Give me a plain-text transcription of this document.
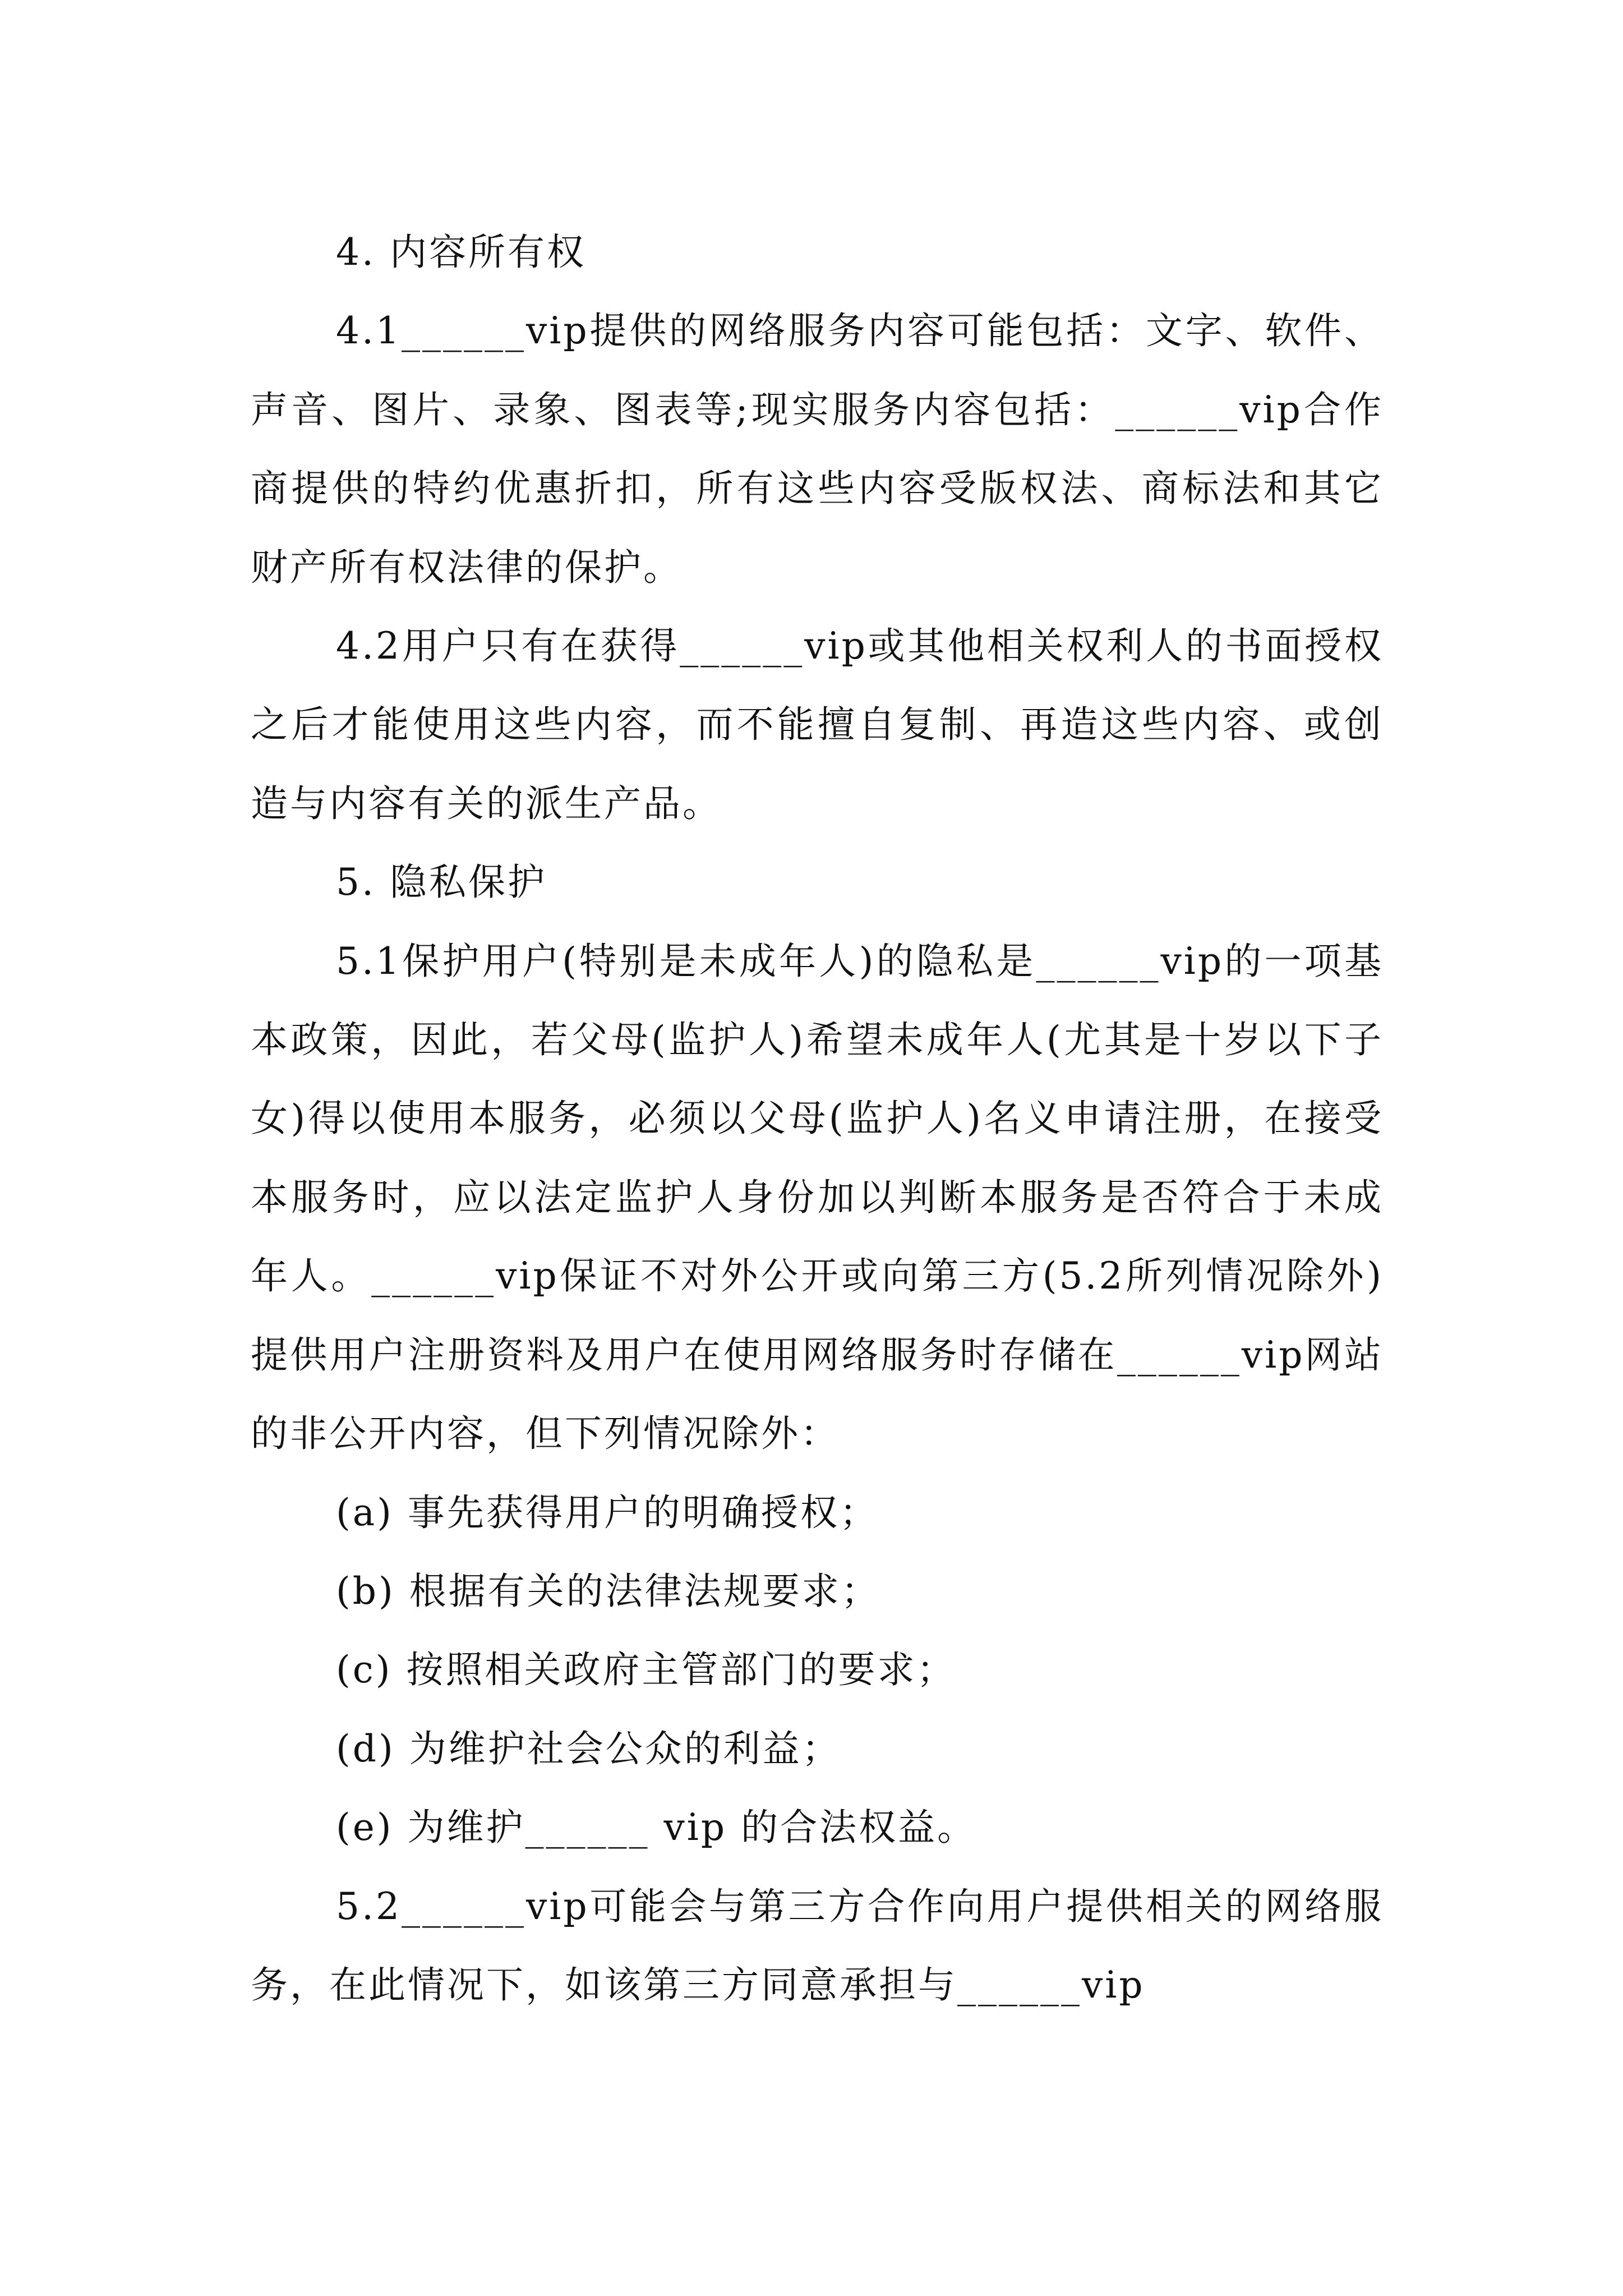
4. 内容所有权

4.1______vip提供的网络服务内容可能包括：文字、软件、声音、图片、录象、图表等;现实服务内容包括：______vip合作商提供的特约优惠折扣，所有这些内容受版权法、商标法和其它财产所有权法律的保护。

4.2用户只有在获得______vip或其他相关权利人的书面授权之后才能使用这些内容，而不能擅自复制、再造这些内容、或创造与内容有关的派生产品。

5. 隐私保护

5.1保护用户(特别是未成年人)的隐私是______vip的一项基本政策，因此，若父母(监护人)希望未成年人(尤其是十岁以下子女)得以使用本服务，必须以父母(监护人)名义申请注册，在接受本服务时，应以法定监护人身份加以判断本服务是否符合于未成年人。______vip保证不对外公开或向第三方(5.2所列情况除外)提供用户注册资料及用户在使用网络服务时存储在______vip网站的非公开内容，但下列情况除外：

(a) 事先获得用户的明确授权；

(b) 根据有关的法律法规要求；

(c) 按照相关政府主管部门的要求；

(d) 为维护社会公众的利益；

(e) 为维护______ vip 的合法权益。

5.2______vip可能会与第三方合作向用户提供相关的网络服务，在此情况下，如该第三方同意承担与______vip
